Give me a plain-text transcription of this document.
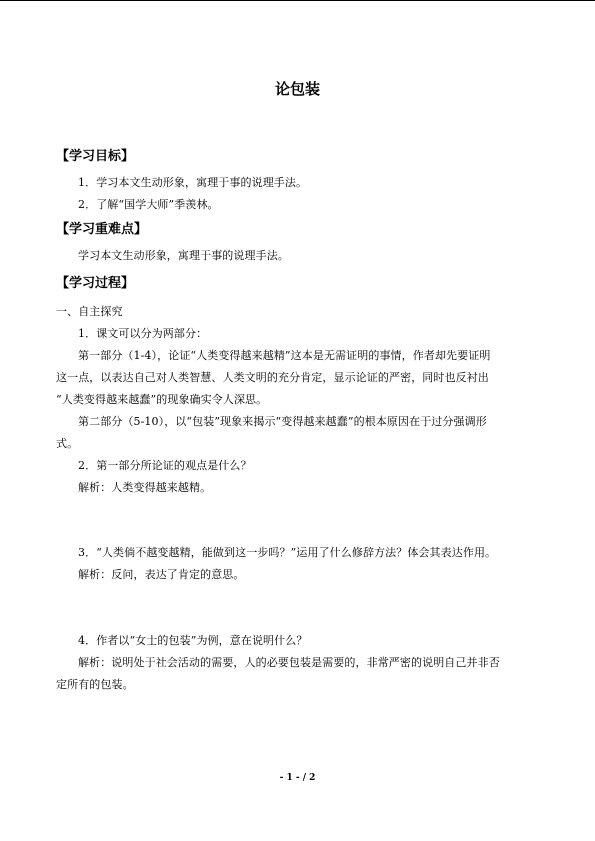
论包装
【学习目标】
1．学习本文生动形象，寓理于事的说理手法。
2．了解“国学大师”季羡林。
【学习重难点】
学习本文生动形象，寓理于事的说理手法。
【学习过程】
一、自主探究
1．课文可以分为两部分：
第一部分（1-4），论证“人类变得越来越精”这本是无需证明的事情，作者却先要证明
这一点，以表达自己对人类智慧、人类文明的充分肯定，显示论证的严密，同时也反衬出
“人类变得越来越蠢”的现象确实令人深思。
第二部分（5-10），以“包装”现象来揭示“变得越来越蠢”的根本原因在于过分强调形
式。
2．第一部分所论证的观点是什么？
解析：人类变得越来越精。
3．“人类倘不越变越精，能做到这一步吗？”运用了什么修辞方法？体会其表达作用。
解析：反问，表达了肯定的意思。
4．作者以“女士的包装”为例，意在说明什么？
解析：说明处于社会活动的需要，人的必要包装是需要的，非常严密的说明自己并非否
定所有的包装。
- 1 - / 2
